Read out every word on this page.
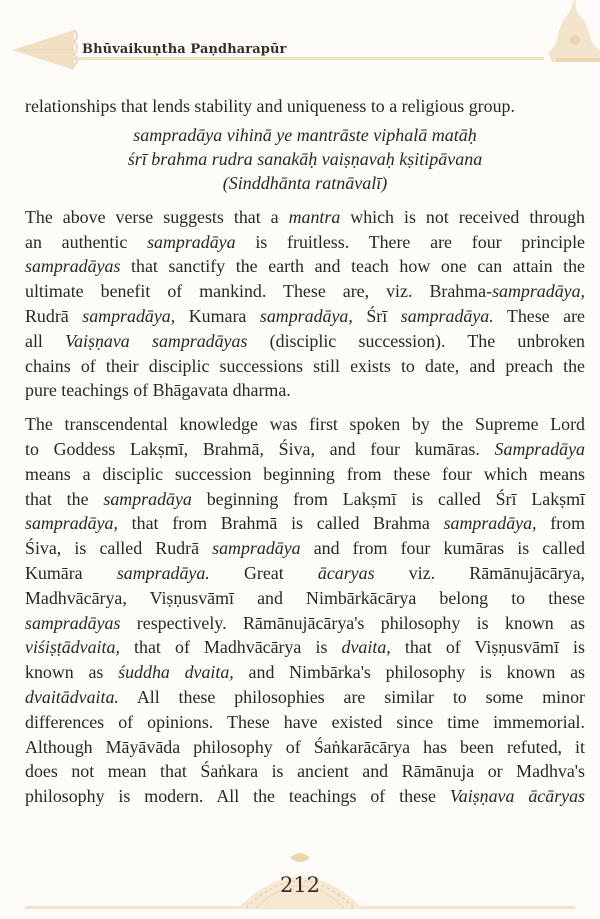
Bhūvaikuṇtha Paṇdharapūr

relationships that lends stability and uniqueness to a religious group.

sampradāya vihinā ye mantrāste viphalā matāḥ
śrī brahma rudra sanakāḥ vaiṣṇavaḥ kṣitipāvana
(Sinddhānta ratnāvalī)

The above verse suggests that a mantra which is not received through
an authentic sampradāya is fruitless. There are four principle
sampradāyas that sanctify the earth and teach how one can attain the
ultimate benefit of mankind. These are, viz. Brahma-sampradāya,
Rudrā sampradāya, Kumara sampradāya, Śrī sampradāya. These are
all Vaiṣṇava sampradāyas (disciplic succession). The unbroken
chains of their disciplic successions still exists to date, and preach the
pure teachings of Bhāgavata dharma.

The transcendental knowledge was first spoken by the Supreme Lord
to Goddess Lakṣmī, Brahmā, Śiva, and four kumāras. Sampradāya
means a disciplic succession beginning from these four which means
that the sampradāya beginning from Lakṣmī is called Śrī Lakṣmī
sampradāya, that from Brahmā is called Brahma sampradāya, from
Śiva, is called Rudrā sampradāya and from four kumāras is called
Kumāra sampradāya. Great ācaryas viz. Rāmānujācārya,
Madhvācārya, Viṣṇusvāmī and Nimbārkācārya belong to these
sampradāyas respectively. Rāmānujācārya's philosophy is known as
viśiṣṭādvaita, that of Madhvācārya is dvaita, that of Viṣṇusvāmī is
known as śuddha dvaita, and Nimbārka's philosophy is known as
dvaitādvaita. All these philosophies are similar to some minor
differences of opinions. These have existed since time immemorial.
Although Māyāvāda philosophy of Śaṅkarācārya has been refuted, it
does not mean that Śaṅkara is ancient and Rāmānuja or Madhva's
philosophy is modern. All the teachings of these Vaiṣṇava ācāryas

212
